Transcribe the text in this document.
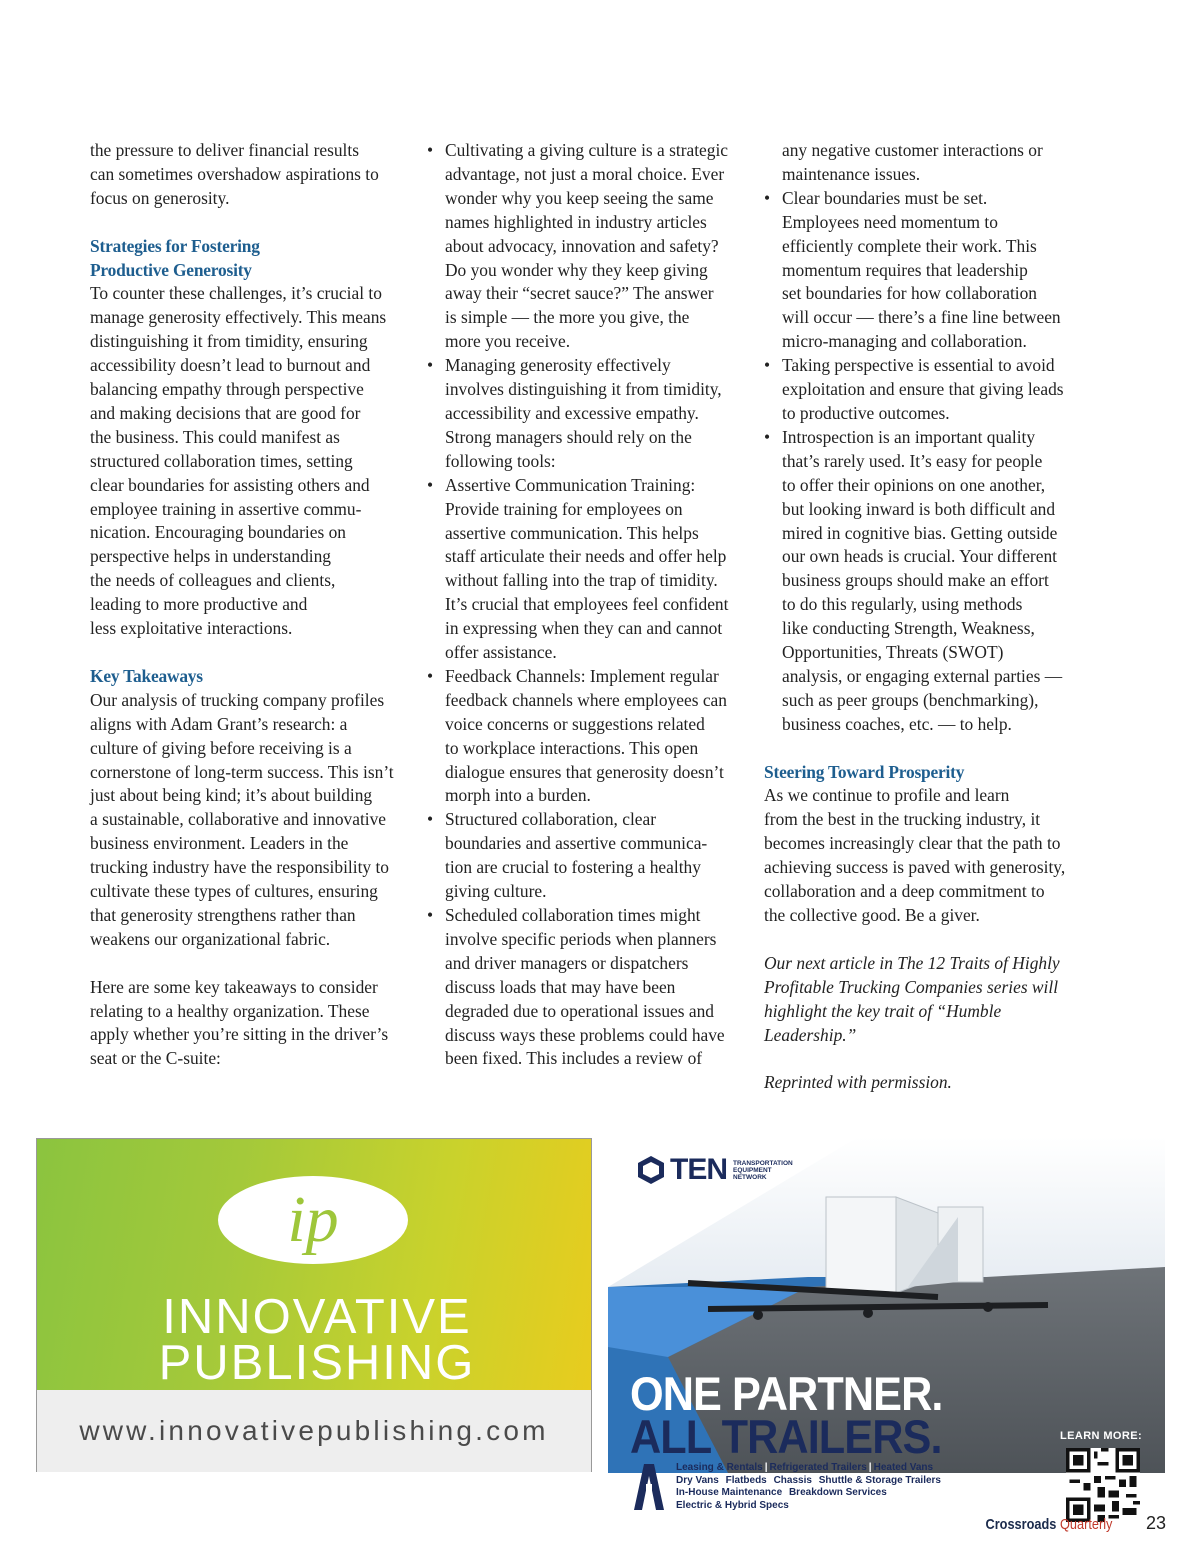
the pressure to deliver financial results
can sometimes overshadow aspirations to
focus on generosity.
Strategies for Fostering
Productive Generosity
To counter these challenges, it’s crucial to
manage generosity effectively. This means
distinguishing it from timidity, ensuring
accessibility doesn’t lead to burnout and
balancing empathy through perspective
and making decisions that are good for
the business. This could manifest as
structured collaboration times, setting
clear boundaries for assisting others and
employee training in assertive commu-
nication. Encouraging boundaries on
perspective helps in understanding
the needs of colleagues and clients,
leading to more productive and
less exploitative interactions.
Key Takeaways
Our analysis of trucking company profiles
aligns with Adam Grant’s research: a
culture of giving before receiving is a
cornerstone of long-term success. This isn’t
just about being kind; it’s about building
a sustainable, collaborative and innovative
business environment. Leaders in the
trucking industry have the responsibility to
cultivate these types of cultures, ensuring
that generosity strengthens rather than
weakens our organizational fabric.
Here are some key takeaways to consider
relating to a healthy organization. These
apply whether you’re sitting in the driver’s
seat or the C-suite:
• Cultivating a giving culture is a strategic
advantage, not just a moral choice. Ever
wonder why you keep seeing the same
names highlighted in industry articles
about advocacy, innovation and safety?
Do you wonder why they keep giving
away their “secret sauce?” The answer
is simple — the more you give, the
more you receive.
• Managing generosity effectively
involves distinguishing it from timidity,
accessibility and excessive empathy.
Strong managers should rely on the
following tools:
• Assertive Communication Training:
Provide training for employees on
assertive communication. This helps
staff articulate their needs and offer help
without falling into the trap of timidity.
It’s crucial that employees feel confident
in expressing when they can and cannot
offer assistance.
• Feedback Channels: Implement regular
feedback channels where employees can
voice concerns or suggestions related
to workplace interactions. This open
dialogue ensures that generosity doesn’t
morph into a burden.
• Structured collaboration, clear
boundaries and assertive communica-
tion are crucial to fostering a healthy
giving culture.
• Scheduled collaboration times might
involve specific periods when planners
and driver managers or dispatchers
discuss loads that may have been
degraded due to operational issues and
discuss ways these problems could have
been fixed. This includes a review of
any negative customer interactions or
maintenance issues.
• Clear boundaries must be set.
Employees need momentum to
efficiently complete their work. This
momentum requires that leadership
set boundaries for how collaboration
will occur — there’s a fine line between
micro-managing and collaboration.
• Taking perspective is essential to avoid
exploitation and ensure that giving leads
to productive outcomes.
• Introspection is an important quality
that’s rarely used. It’s easy for people
to offer their opinions on one another,
but looking inward is both difficult and
mired in cognitive bias. Getting outside
our own heads is crucial. Your different
business groups should make an effort
to do this regularly, using methods
like conducting Strength, Weakness,
Opportunities, Threats (SWOT)
analysis, or engaging external parties —
such as peer groups (benchmarking),
business coaches, etc. — to help.
Steering Toward Prosperity
As we continue to profile and learn
from the best in the trucking industry, it
becomes increasingly clear that the path to
achieving success is paved with generosity,
collaboration and a deep commitment to
the collective good. Be a giver.
Our next article in The 12 Traits of Highly
Profitable Trucking Companies series will
highlight the key trait of “Humble Leadership.”
Reprinted with permission.
ip
INNOVATIVE
PUBLISHING
www.innovativepublishing.com
TEN TRANSPORTATION
EQUIPMENT
NETWORK
ONE PARTNER.
ALL TRAILERS.
Leasing & Rentals | Refrigerated Trailers | Heated Vans
Dry Vans | Flatbeds | Chassis | Shuttle & Storage Trailers
In-House Maintenance | Breakdown Services
Electric & Hybrid Specs
LEARN MORE:
Crossroads Quarterly 23
